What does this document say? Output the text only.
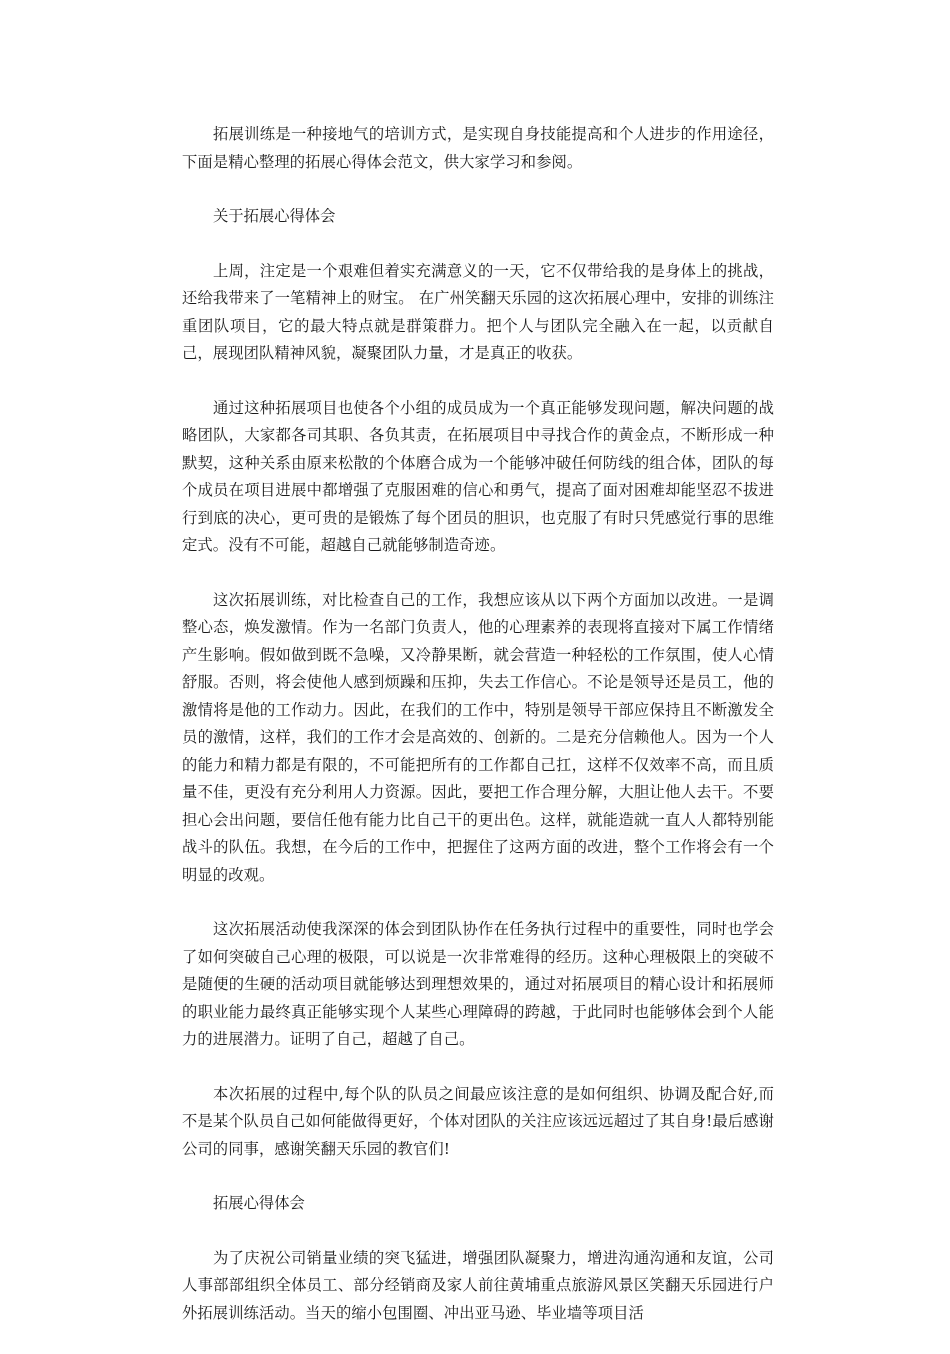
拓展训练是一种接地气的培训方式，是实现自身技能提高和个人进步的作用途径，下面是精心整理的拓展心得体会范文，供大家学习和参阅。

关于拓展心得体会

上周，注定是一个艰难但着实充满意义的一天，它不仅带给我的是身体上的挑战，还给我带来了一笔精神上的财宝。 在广州笑翻天乐园的这次拓展心理中，安排的训练注重团队项目，它的最大特点就是群策群力。把个人与团队完全融入在一起，以贡献自己，展现团队精神风貌，凝聚团队力量，才是真正的收获。

通过这种拓展项目也使各个小组的成员成为一个真正能够发现问题，解决问题的战略团队，大家都各司其职、各负其责，在拓展项目中寻找合作的黄金点，不断形成一种默契，这种关系由原来松散的个体磨合成为一个能够冲破任何防线的组合体，团队的每个成员在项目进展中都增强了克服困难的信心和勇气，提高了面对困难却能坚忍不拔进行到底的决心，更可贵的是锻炼了每个团员的胆识，也克服了有时只凭感觉行事的思维定式。没有不可能，超越自己就能够制造奇迹。

这次拓展训练，对比检查自己的工作，我想应该从以下两个方面加以改进。一是调整心态，焕发激情。作为一名部门负责人，他的心理素养的表现将直接对下属工作情绪产生影响。假如做到既不急噪，又冷静果断，就会营造一种轻松的工作氛围，使人心情舒服。否则，将会使他人感到烦躁和压抑，失去工作信心。不论是领导还是员工，他的激情将是他的工作动力。因此，在我们的工作中，特别是领导干部应保持且不断激发全员的激情，这样，我们的工作才会是高效的、创新的。二是充分信赖他人。因为一个人的能力和精力都是有限的，不可能把所有的工作都自己扛，这样不仅效率不高，而且质量不佳，更没有充分利用人力资源。因此，要把工作合理分解，大胆让他人去干。不要担心会出问题，要信任他有能力比自己干的更出色。这样，就能造就一直人人都特别能战斗的队伍。我想，在今后的工作中，把握住了这两方面的改进，整个工作将会有一个明显的改观。

这次拓展活动使我深深的体会到团队协作在任务执行过程中的重要性，同时也学会了如何突破自己心理的极限，可以说是一次非常难得的经历。这种心理极限上的突破不是随便的生硬的活动项目就能够达到理想效果的，通过对拓展项目的精心设计和拓展师的职业能力最终真正能够实现个人某些心理障碍的跨越，于此同时也能够体会到个人能力的进展潜力。证明了自己，超越了自己。

本次拓展的过程中,每个队的队员之间最应该注意的是如何组织、协调及配合好,而不是某个队员自己如何能做得更好，个体对团队的关注应该远远超过了其自身!最后感谢公司的同事，感谢笑翻天乐园的教官们!

拓展心得体会

为了庆祝公司销量业绩的突飞猛进，增强团队凝聚力，增进沟通沟通和友谊，公司人事部部组织全体员工、部分经销商及家人前往黄埔重点旅游风景区笑翻天乐园进行户外拓展训练活动。当天的缩小包围圈、冲出亚马逊、毕业墙等项目活
